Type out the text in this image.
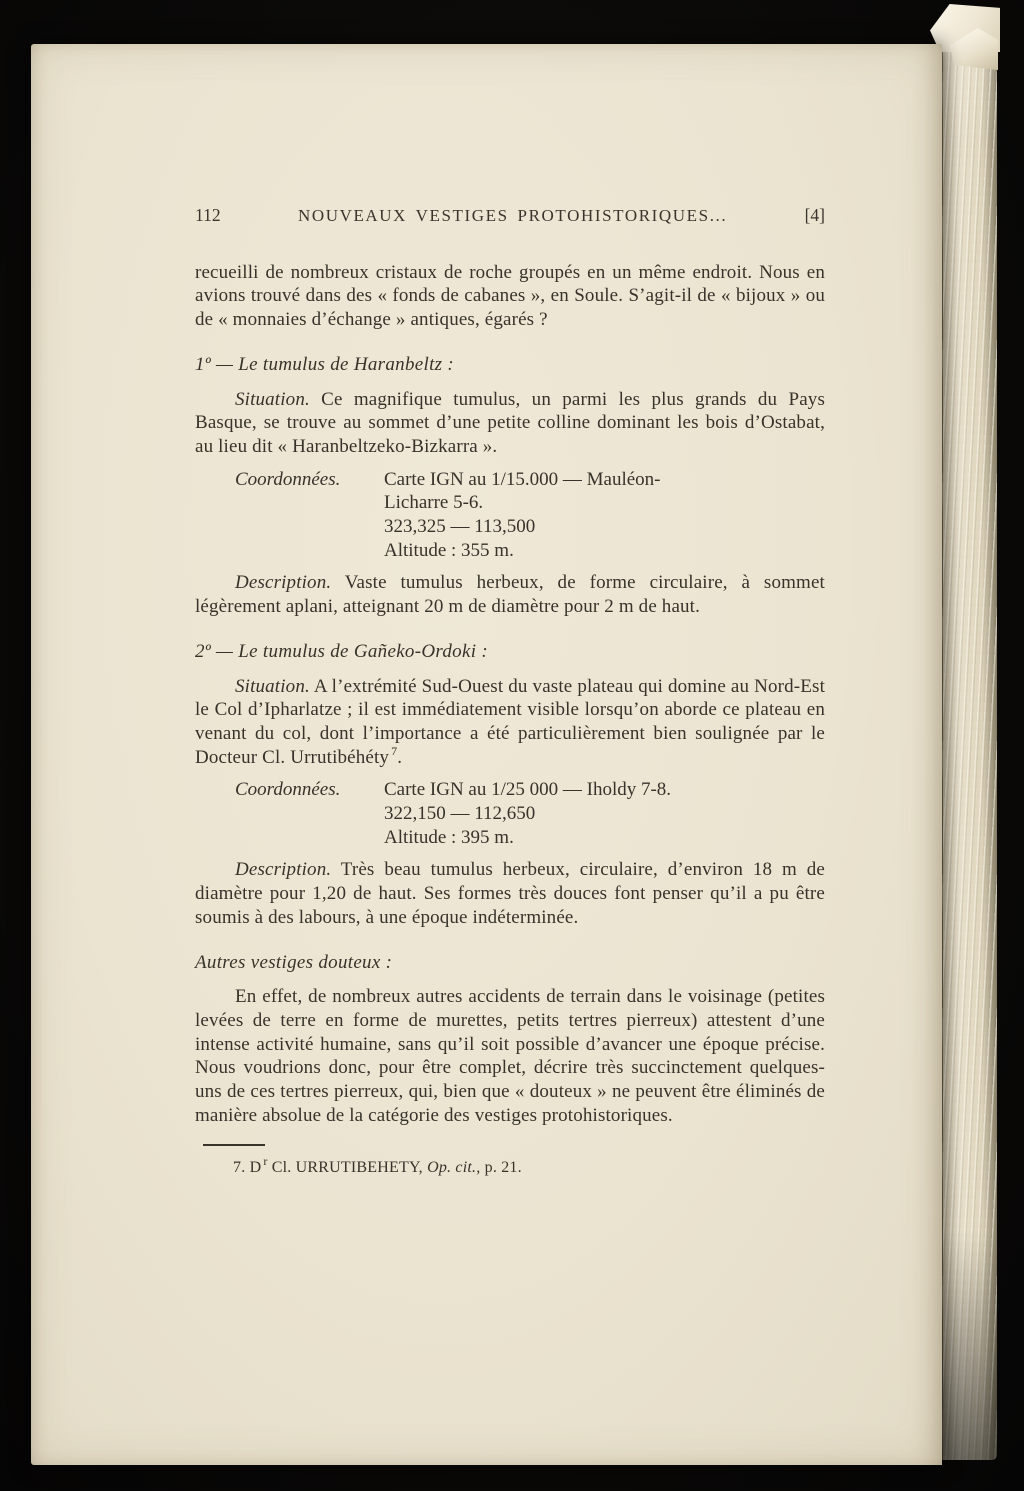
112	NOUVEAUX VESTIGES PROTOHISTORIQUES...	[4]

recueilli de nombreux cristaux de roche groupés en un même endroit. Nous en avions trouvé dans des « fonds de cabanes », en Soule. S’agit-il de « bijoux » ou de « monnaies d’échange » antiques, égarés ?

1º — Le tumulus de Haranbeltz :

Situation. Ce magnifique tumulus, un parmi les plus grands du Pays Basque, se trouve au sommet d’une petite colline dominant les bois d’Ostabat, au lieu dit « Haranbeltzeko-Bizkarra ».

Coordonnées.	Carte IGN au 1/15.000 — Mauléon-
Licharre 5-6.
323,325 — 113,500
Altitude : 355 m.

Description. Vaste tumulus herbeux, de forme circulaire, à sommet légèrement aplani, atteignant 20 m de diamètre pour 2 m de haut.

2º — Le tumulus de Gañeko-Ordoki :

Situation. A l’extrémité Sud-Ouest du vaste plateau qui domine au Nord-Est le Col d’Ipharlatze ; il est immédiatement visible lorsqu’on aborde ce plateau en venant du col, dont l’importance a été particulièrement bien soulignée par le Docteur Cl. Urrutibéhéty $^7$.

Coordonnées.	Carte IGN au 1/25 000 — Iholdy 7-8.
322,150 — 112,650
Altitude : 395 m.

Description. Très beau tumulus herbeux, circulaire, d’environ 18 m de diamètre pour 1,20 de haut. Ses formes très douces font penser qu’il a pu être soumis à des labours, à une époque indéterminée.

Autres vestiges douteux :

En effet, de nombreux autres accidents de terrain dans le voisinage (petites levées de terre en forme de murettes, petits tertres pierreux) attestent d’une intense activité humaine, sans qu’il soit possible d’avancer une époque précise. Nous voudrions donc, pour être complet, décrire très succinctement quelques-uns de ces tertres pierreux, qui, bien que « douteux » ne peuvent être éliminés de manière absolue de la catégorie des vestiges protohistoriques.

7. D $^r$ Cl. URRUTIBEHETY, Op. cit., p. 21.
